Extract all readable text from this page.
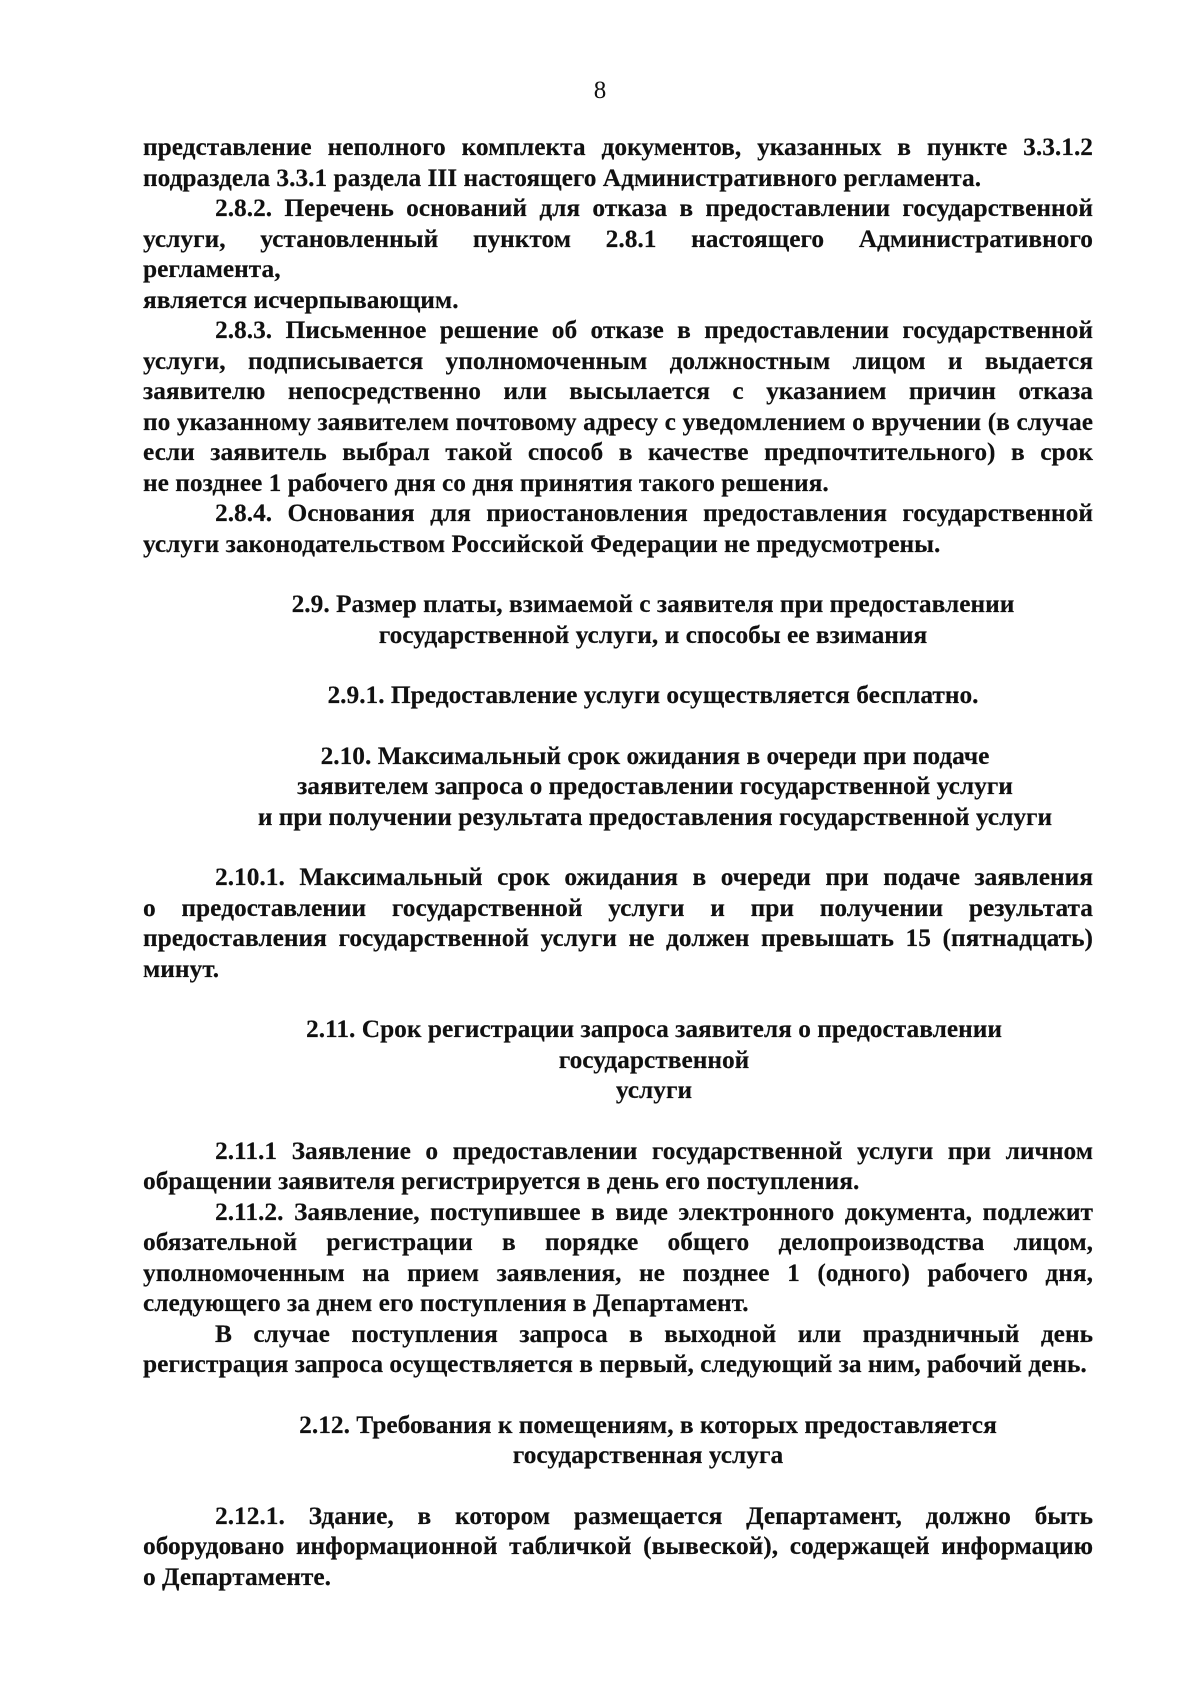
8
представление неполного комплекта документов, указанных в пункте 3.3.1.2
подраздела 3.3.1 раздела III настоящего Административного регламента.
2.8.2. Перечень оснований для отказа в предоставлении государственной
услуги, установленный пунктом 2.8.1 настоящего Административного регламента,
является исчерпывающим.
2.8.3. Письменное решение об отказе в предоставлении государственной
услуги, подписывается уполномоченным должностным лицом и выдается
заявителю непосредственно или высылается с указанием причин отказа
по указанному заявителем почтовому адресу с уведомлением о вручении (в случае
если заявитель выбрал такой способ в качестве предпочтительного) в срок
не позднее 1 рабочего дня со дня принятия такого решения.
2.8.4. Основания для приостановления предоставления государственной
услуги законодательством Российской Федерации не предусмотрены.
2.9. Размер платы, взимаемой с заявителя при предоставлении
государственной услуги, и способы ее взимания
2.9.1. Предоставление услуги осуществляется бесплатно.
2.10. Максимальный срок ожидания в очереди при подаче
заявителем запроса о предоставлении государственной услуги
и при получении результата предоставления государственной услуги
2.10.1. Максимальный срок ожидания в очереди при подаче заявления
о предоставлении государственной услуги и при получении результата
предоставления государственной услуги не должен превышать 15 (пятнадцать)
минут.
2.11. Срок регистрации запроса заявителя о предоставлении государственной
услуги
2.11.1 Заявление о предоставлении государственной услуги при личном
обращении заявителя регистрируется в день его поступления.
2.11.2. Заявление, поступившее в виде электронного документа, подлежит
обязательной регистрации в порядке общего делопроизводства лицом,
уполномоченным на прием заявления, не позднее 1 (одного) рабочего дня,
следующего за днем его поступления в Департамент.
В случае поступления запроса в выходной или праздничный день
регистрация запроса осуществляется в первый, следующий за ним, рабочий день.
2.12. Требования к помещениям, в которых предоставляется
государственная услуга
2.12.1. Здание, в котором размещается Департамент, должно быть
оборудовано информационной табличкой (вывеской), содержащей информацию
о Департаменте.
